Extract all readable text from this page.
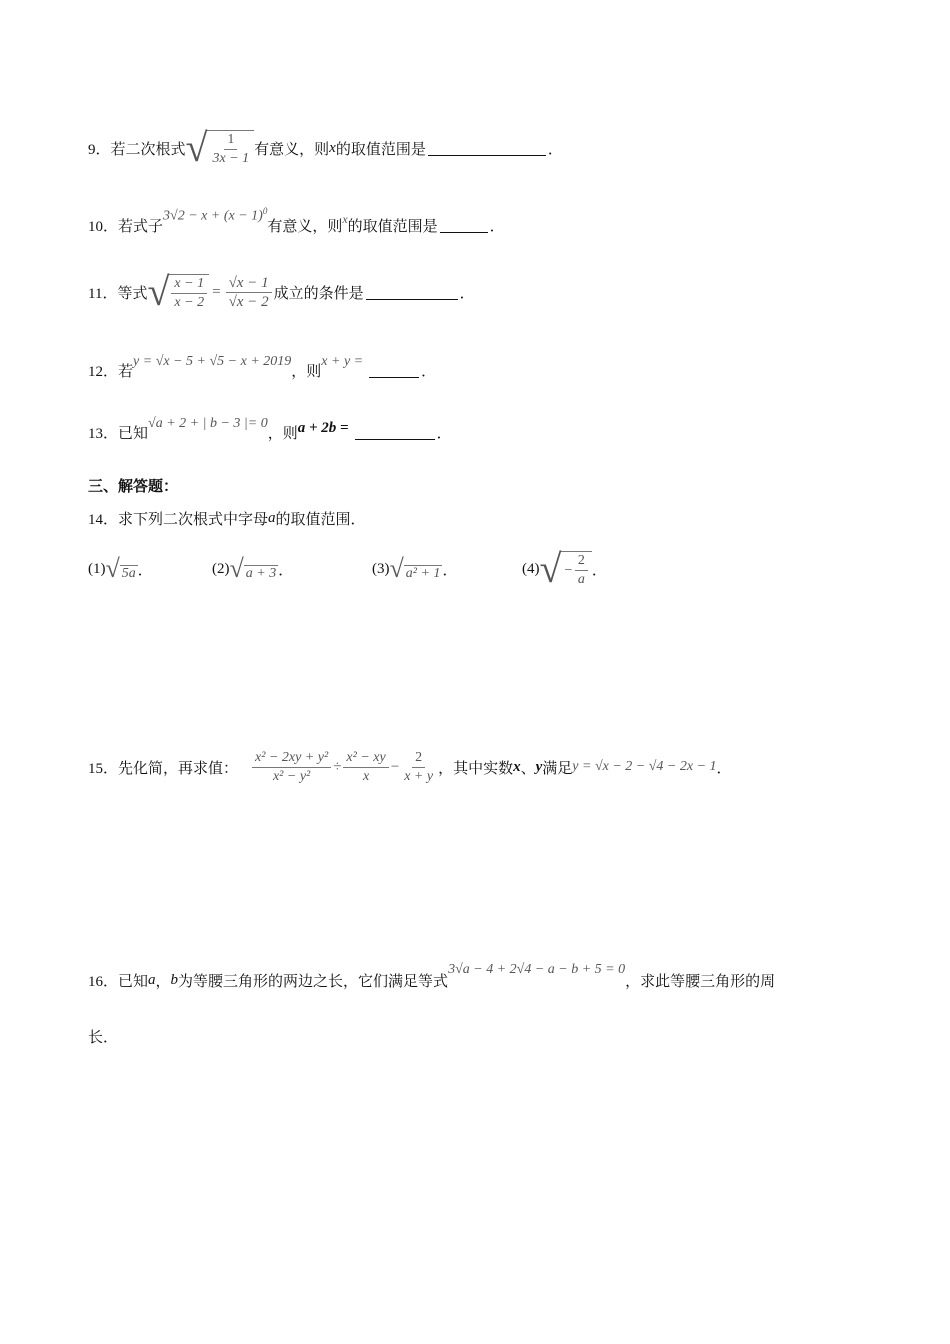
9． 若二次根式 √ $\frac{1}{3x - 1}$ 有意义，则 x 的取值范围是	．
10． 若式子
$3√2 - x + (x - 1)^0$
有意义，则 x 的取值范围是	．
11． 等式 √ $\frac{x - 1}{x - 2} = \frac{√x - 1}{√x - 2}$ 成立的条件是	．
12． 若 y = √x − 5 + √5 − x + 2019 ，则 x + y =	．
13． 已知 √a + 2 + | b − 3 |= 0 ，则 a + 2b =	．
三、解答题：
14． 求下列二次根式中字母 a 的取值范围．
(1) √ 5a ．	(2) √ a + 3 ．	(3) √ a² + 1 ．	(4) √ − $\frac{2}{a}$ ．
15． 先化简，再求值： $\frac{\text{x² − 2xy + y²}}{\text{x² − y²}} \div \frac{\text{x² − xy}}{x} - \frac{2}{x + y}$ ，其中实数 x 、 y 满足 y = √x − 2 − √4 − 2x − 1 ．
16． 已知 a ， b 为等腰三角形的两边之长，它们满足等式
3√a − 4 + 2√4 − a − b + 5 = 0
，求此等腰三角形的周
长．
